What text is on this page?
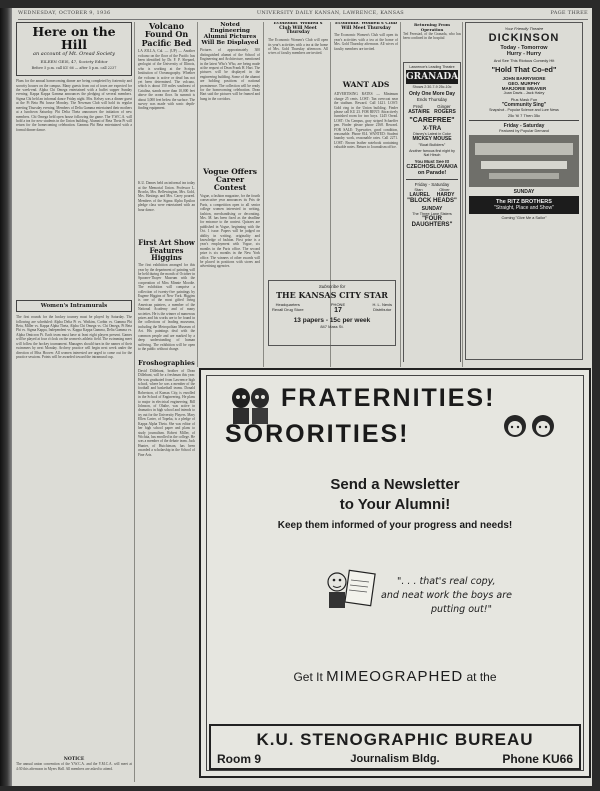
WEDNESDAY, OCTOBER 9, 1936	UNIVERSITY DAILY KANSAN, LAWRENCE, KANSAS	PAGE THREE
Here on the Hill
an account of Mt. Oread Society
EILEEN GEIS, 47, Society Editor
Before 5 p.m. call KU 66 — after 5 p.m. call 2237
Plans for the annual homecoming dinner are being completed by fraternity and sorority houses on the campus. Many guests from out of town are expected for the week-end. Alpha Chi Omega entertained with a buffet supper Sunday evening. Kappa Kappa Gamma announces the pledging of several members. Sigma Chi held an informal dance Friday night. Mrs. Kelsey was a dinner guest at the Pi Beta Phi house Monday. The Newman Club will hold its regular meeting Thursday evening. Members of Delta Gamma entertained their mothers at a luncheon Saturday. Phi Delta Theta announces the initiation of new members. Chi Omega held open house following the game. The Y.W.C.A. will hold a tea for new students in the Union building. Alumni of Beta Theta Pi will return for the homecoming celebration. Gamma Phi Beta entertained with a formal dinner dance.
Women's Intramurals
The first rounds for the hockey tourney must be played by Saturday. The following are scheduled: Alpha Delta Pi vs. Watkins, Corbin vs. Gamma Phi Beta, Miller vs. Kappa Alpha Theta, Alpha Chi Omega vs. Chi Omega, Pi Beta Phi vs. Sigma Kappa, Independent vs. Kappa Kappa Gamma, Delta Gamma vs. Alpha Omicron Pi. Each team must have at least eight players present. Games will be played at four o'clock on the women's athletic field. The swimming meet will follow the hockey tournament. Managers should turn in the names of their swimmers by next Monday. Archery practice will begin next week under the direction of Miss Hoover. All women interested are urged to come out for the practice sessions. Points will be awarded toward the intramural cup.
NOTICE
The annual union convention of the Y.W.C.A. and the Y.M.C.A. will meet at 4:30 this afternoon in Myers Hall. All members are asked to attend.
Volcano Found On Pacific Bed
LA JOLLA, Cal. — (UP) — Another volcano on the floor of the Pacific has been identified by Dr. F. P. Shepard, geologist of the University of Illinois, who is working at the Scripps Institution of Oceanography. Whether the volcano is active or dead has not yet been determined. The volcano, which is about 150 miles southeast of Catalina, stands more than 10,000 feet above the ocean floor. Its summit is about 3,000 feet below the surface. The survey was made with sonic depth-finding equipment.
K.U. Dames held an informal tea today at the Memorial Union. Professor L. Brooks, Mrs. Bellewington, Mrs. Gold, Mrs. Hastings and Mrs. Carey poured. Members of the Sigma Alpha Epsilon pledge class were entertained with an hour dance.
First Art Show Features Higgins
The first exhibition arranged for this year by the department of painting will be held during the month of October in Spooner-Thayer Museum with the cooperation of Miss Minnie Moodie. The exhibition will comprise a collection of twenty-five paintings by Eugene Higgins of New York. Higgins is one of the most gifted living American painters, a member of the National Academy and of many societies. He is the winner of numerous prizes and his works are to be found in the collections of leading museums, including the Metropolitan Museum of Art. His paintings deal with the common people and are marked by a deep understanding of human suffering. The exhibition will be open to the public without charge.
Froshographies
David Dillehunt, brother of Dean Dillehunt, will be a freshman this year. He was graduated from Lawrence high school, where he was a member of the football and basketball teams. Donald Robertson, of Kansas City, is enrolled in the School of Engineering. He plans to major in electrical engineering. Bill Johnson, of Olathe, was active in dramatics in high school and intends to try out for the University Players. Mary Ellen Carter, of Topeka, is a pledge of Kappa Alpha Theta. She was editor of her high school paper and plans to study journalism. Robert Miller, of Wichita, has enrolled in the college. He was a member of the debate team. Jack Hunter, of Hutchinson, has been awarded a scholarship in the School of Fine Arts.
Noted Engineering Alumni Pictures Will Be Displayed
Pictures of approximately 300 distinguished alumni of the School of Engineering and Architecture, mentioned in the latest Who's Who, are being made at the request of Dean Frank H. Hart. The pictures will be displayed in the engineering building. Some of the alumni are holding positions of national prominence. The collection will be ready for the homecoming celebration. Dean Hart said the pictures will be framed and hung in the corridors.
Vogue Offers Career Contest
Vogue, a fashion magazine, for the fourth consecutive year announces its Prix de Paris, a competition open to all senior college women interested in writing, fashion, merchandising or decorating. Mrs. M. has been fixed as the deadline for entrance to the contest. Quizzes are published in Vogue, beginning with the Oct. 1 issue. Papers will be judged on ability in writing, originality and knowledge of fashion. First prize is a year's employment with Vogue, six months in the Paris office. The second prize is six months in the New York office. The winners of other awards will be placed in positions with stores and advertising agencies.
Economic Women's Club Will Meet Thursday
The Economic Women's Club will open its year's activities with a tea at the home of Mrs. Gold Thursday afternoon. All wives of faculty members are invited.
Economic Women's Club Will Meet Thursday
The Economic Women's Club will open its year's activities with a tea at the home of Mrs. Gold Thursday afternoon. All wives of faculty members are invited.
WANT ADS
ADVERTISING RATES — Minimum charge 25 cents. LOST: Tan overcoat near the stadium. Reward. Call 1421. LOST: Gold ring in the Union building. Finder please call KU 23. FOR RENT: Attractively furnished room for two boys. 1245 Oread. LOST: On Campus, gray striped Schaeffer pen. Finder please phone 2168. Reward. FOR SALE: Typewriter, good condition, reasonable. Phone 814. WANTED: Student laundry work, reasonable rates. Call 2271. LOST: Brown leather notebook containing valuable notes. Return to Journalism office.
Subscribe for
THE KANSAS CITY STAR
Headquarters
Rexall Drug Store
PHONE
17
H. L. Nevis
Distributor
13 papers - 15c per week
847 Mass St.
Returning From Operation
Ted Fernstad, of the Granada, who has been confined in the hospital
Lawrence's Leading Theatre
GRANADA
Shows 2:30-7-9 25c-10c
Only One More Day
Ends Thursday
Fred	Ginger
ASTAIRE ROGERS
"CAREFREE"
X-TRA
Disney's Latest in Color
MICKEY MOUSE
"Boat Builders"
Another famous first night by Nat Hirsch
You Must See It!
CZECHOSLOVAKIA on Parade!
Friday - Saturday
Stan	Oliver
LAUREL HARDY
"BLOCK HEADS"
SUNDAY
The Three Lane Sisters
"FOUR DAUGHTERS"
Your Friendly Theatre
DICKINSON
Today - Tomorrow
Hurry - Hurry
And See This Riotous Comedy Hit
"Hold That Co-ed"
JOHN BARRYMORE
GEO. MURPHY
MARJORIE WEAVER
Joan Davis - Jack Haley
Plus Mask Fun
"Community Sing"
Snapshot - Popular Science and Lure News
25c 'til 7 Then 35c
Friday - Saturday
Featured by Popular Demand
SUNDAY
The RITZ BROTHERS
"Straight, Place and Show"
Coming "Give Me a Sailor"
FRATERNITIES!
SORORITIES!
Send a Newsletter
to Your Alumni!
Keep them informed of your progress and needs!
". . . that's real copy,
and neat work the boys are
putting out!"
Get It MIMEOGRAPHED at the
K.U. STENOGRAPHIC BUREAU
Room 9	Journalism Bldg.	Phone KU66
